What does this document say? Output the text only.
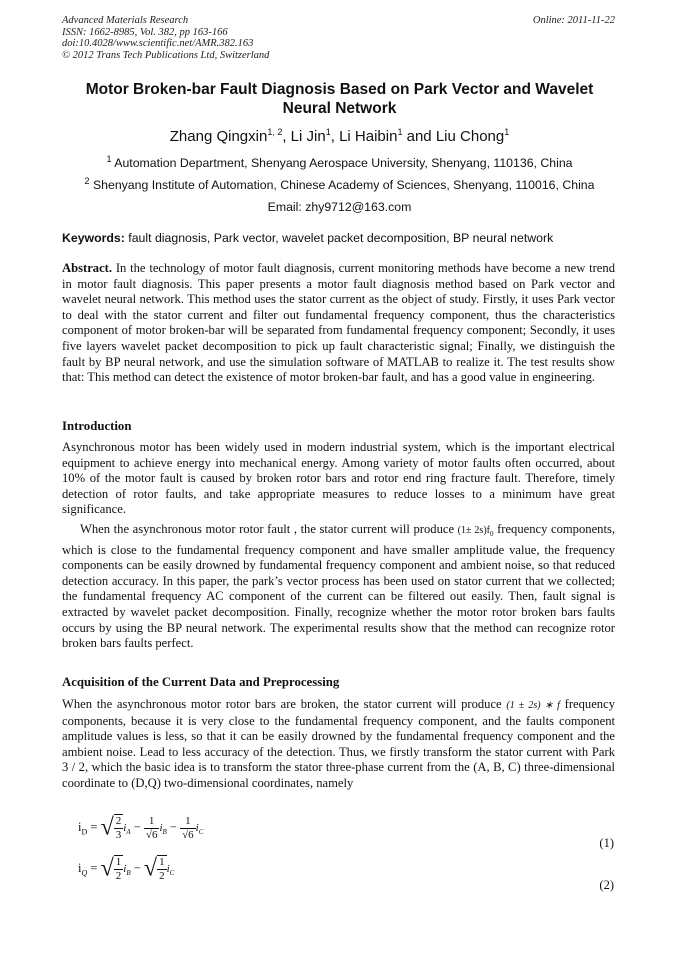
Advanced Materials Research
ISSN: 1662-8985, Vol. 382, pp 163-166
doi:10.4028/www.scientific.net/AMR.382.163
© 2012 Trans Tech Publications Ltd, Switzerland
Online: 2011-11-22
Motor Broken-bar Fault Diagnosis Based on Park Vector and Wavelet Neural Network
Zhang Qingxin$^{1, 2}$, Li Jin$^1$, Li Haibin$^1$ and Liu Chong$^1$
$^1$ Automation Department, Shenyang Aerospace University, Shenyang, 110136, China
$^2$ Shenyang Institute of Automation, Chinese Academy of Sciences, Shenyang, 110016, China
Email: zhy9712@163.com
Keywords: fault diagnosis, Park vector, wavelet packet decomposition, BP neural network
Abstract. In the technology of motor fault diagnosis, current monitoring methods have become a new trend in motor fault diagnosis. This paper presents a motor fault diagnosis method based on Park vector and wavelet neural network. This method uses the stator current as the object of study. Firstly, it uses Park vector to deal with the stator current and filter out fundamental frequency component, thus the characteristics component of motor broken-bar will be separated from fundamental frequency component; Secondly, it uses five layers wavelet packet decomposition to pick up fault characteristic signal; Finally, we distinguish the fault by BP neural network, and use the simulation software of MATLAB to realize it. The test results show that: This method can detect the existence of motor broken-bar fault, and has a good value in engineering.
Introduction
Asynchronous motor has been widely used in modern industrial system, which is the important electrical equipment to achieve energy into mechanical energy. Among variety of motor faults often occurred, about 10% of the motor fault is caused by broken rotor bars and rotor end ring fracture fault. Therefore, timely detection of rotor faults, and take appropriate measures to reduce losses to a minimum have great significance.
When the asynchronous motor rotor fault , the stator current will produce $(1\pm 2s)f_0$ frequency components, which is close to the fundamental frequency component and have smaller amplitude value, the frequency components can be easily drowned by fundamental frequency component and ambient noise, so that reduced detection accuracy. In this paper, the park’s vector process has been used on stator current that we collected; the fundamental frequency AC component of the current can be filtered out easily. Then, fault signal is extracted by wavelet packet decomposition. Finally, recognize whether the motor rotor broken bars faults occurs by using the BP neural network. The experimental results show that the method can recognize rotor broken bars faults perfect.
Acquisition of the Current Data and Preprocessing
When the asynchronous motor rotor bars are broken, the stator current will produce (1 ± 2s) ∗ f frequency components, because it is very close to the fundamental frequency component, and the faults component amplitude values is less, so that it can be easily drowned by the fundamental frequency component and the ambient noise. Lead to less accuracy of the detection. Thus, we firstly transform the stator current with Park 3 / 2, which the basic idea is to transform the stator three-phase current from the (A, B, C) three-dimensional coordinate to (D,Q) two-dimensional coordinates, namely
$i_D$ = √ $\frac{2}{3} i_A - \frac{1}{√6} i_B - \frac{1}{√6} i_C$
(1)
$i_Q$ = √ $\frac{1}{2} i_B$ − √ $\frac{1}{2} i_C$
(2)
